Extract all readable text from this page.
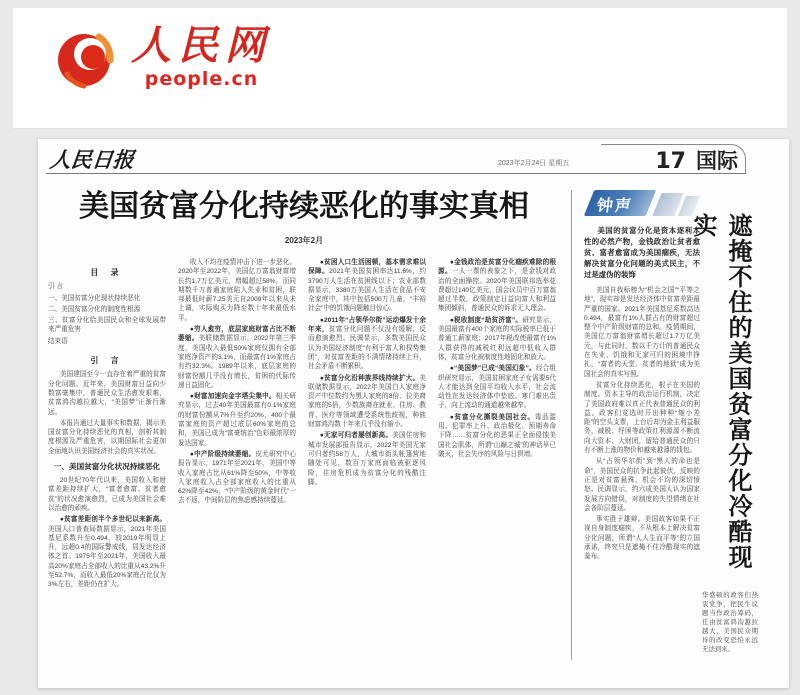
人民网
people.cn
人民日报	2023年2月24日 星期五	17 国际
美国贫富分化持续恶化的事实真相
2023年2月

目 录

引 言

一、美国贫富分化现状持续恶化

二、美国贫富分化的制度性根源

三、贫富分化给美国民众和全球发展带来严重危害

结束语

引 言

美国建国至今一直存在着严重的贫富分化问题。近年来，美国财富日益向少数富豪集中，普通民众生活愈发艰难，贫富鸿沟越拉越大，“美国梦”正渐行渐远。

本报告通过大量事实和数据，揭示美国贫富分化持续恶化的真相，剖析其制度根源及严重危害，以期国际社会更加全面地认识美国经济社会的真实状况。

一、美国贫富分化状况持续恶化

20世纪70年代以来，美国收入和财富差距持续扩大，“富者愈富、贫者愈贫”的状况愈演愈烈，已成为美国社会难以治愈的顽疾。

●贫富差距创半个多世纪以来新高。美国人口普查局数据显示，2021年美国基尼系数升至0.494，较2019年明显上升，远超0.4的国际警戒线，居发达经济体之首。1975年至2021年，美国收入最高20%家庭占全部收入的比重从43.2%升至52.7%，而收入最低20%家庭占比仅为3%左右，差距仍在扩大。

收入不均在疫情冲击下进一步恶化。2020年至2022年，美国亿万富翁财富增长约1.7万亿美元，增幅超过58%，而同期数千万普通家庭陷入失业和贫困，联邦最低时薪7.25美元自2009年以来从未上调，实际购买力降至数十年来最低水平。

●穷人愈穷，底层家庭财富占比不断萎缩。美联储数据显示，2022年第三季度，美国收入最低50%家庭仅拥有全部家庭净资产的3.1%，而最富有1%家庭占有约32.3%。1989年以来，底层家庭的财富份额几乎没有增长，贫困的代际传递日益固化。

●财富加速向金字塔尖集中。相关研究显示，过去40年美国最富有0.1%家庭的财富份额从7%升至约20%，400个最富家庭的资产超过底层60%家庭的总和，美国已成为“富豪统治”色彩最浓厚的发达国家。

●中产阶级持续萎缩。皮尤研究中心报告显示，1971年至2021年，美国中等收入家庭占比从61%降至50%，中等收入家庭收入占全部家庭收入的比重从62%降至42%，“中产阶级的黄金时代”一去不返，中间阶层的焦虑感持续蔓延。

●贫困人口生活困顿，基本需求难以保障。2021年美国贫困率达11.6%，约3790万人生活在贫困线以下；农业部数据显示，3380万美国人生活在食品不安全家庭中，其中包括500万儿童，“丰裕社会”中的饥饿问题触目惊心。

●2011年“占领华尔街”运动爆发十余年来，贫富分化问题不仅没有缓解，反而愈演愈烈。民调显示，多数美国民众认为美国经济制度“有利于富人和权势集团”，对贫富差距的不满情绪持续上升，社会矛盾不断累积。

●贫富分化沿种族界线持续扩大。美联储数据显示，2022年美国白人家庭净资产中位数约为黑人家庭的8倍、拉美裔家庭的5倍，少数族裔在就业、住房、教育、医疗等领域遭受系统性歧视，种族财富鸿沟数十年来几乎没有缩小。

●无家可归者屡创新高。美国住房和城市发展部报告显示，2022年美国无家可归者约58万人，大城市街头帐篷营地随处可见，数百万家庭面临被驱逐风险，住房危机成为贫富分化的残酷注脚。

●金钱政治是贫富分化痼疾难除的根源。一人一票的表象之下，是金钱对政治的全面操控。2020年美国联邦选举花费超过140亿美元，国会议员中百万富翁超过半数，政策制定日益向富人和利益集团倾斜，普通民众的诉求无人理会。

●税收制度“劫贫济富”。研究显示，美国最富有400个家庭的实际税率已低于普通工薪家庭；2017年税改使最富有1%人群获得的减税红利远超中低收入群体，贫富分化被制度性地固化和放大。

●“美国梦”已成“美国幻象”。经合组织研究显示，美国贫困家庭子女需要5代人才能达到全国平均收入水平，社会流动性在发达经济体中垫底。寒门难出贵子，向上流动的通道越来越窄。

●贫富分化撕裂美国社会。毒品滥用、犯罪率上升、政治极化、预期寿命下降……贫富分化的恶果正全面侵蚀美国社会肌体，所谓“山巅之城”的神话早已破灭，社会失序的风险与日俱增。

钟声

美国的贫富分化是资本逐利本性的必然产物，金钱政治让贫者愈贫、富者愈富成为美国痼疾，无法解决贫富分化问题的美式民主，不过是虚伪的装饰

美国自我标榜为“机会之国”“平等之地”，现实却是发达经济体中贫富差距最严重的国家。2021年美国基尼系数高达0.494，最富有1%人群占有的财富超过整个中产阶级财富的总和。疫情期间，美国亿万富翁财富增长超过1.7万亿美元，与此同时，数以千万计的普通民众在失业、饥饿和无家可归的困境中挣扎，“富者的天堂、贫者的地狱”成为美国社会的真实写照。

贫富分化持续恶化，根子在美国的制度。资本主导的政治运行机制，决定了美国政府难以真正代表普通民众的利益。政客们竞选时开出种种“缩小差距”的空头支票，上台后却为金主利益服务，减税、纾困等政策红利源源不断流向大资本、大财团，留给普通民众的只有不断上涨的物价和越来越薄的钱包。

从“占领华尔街”到“黑人的命也是命”，美国民众的抗争此起彼伏，反映的正是对贫富悬殊、机会不均的深切愤怒。民调显示，约六成美国人认为国家发展方向错误，对制度的失望情绪在社会各阶层蔓延。

事实胜于雄辩。美国政客如果不正视自身制度痼疾，不从根本上解决贫富分化问题，所谓“人人生而平等”的立国承诺，终究只是遮掩不住冷酷现实的遮羞布。	遮掩不住的美国贫富分化冷酷现实
华盛顿的政客们热衷党争，把民生议题当作政治筹码，任由贫富鸿沟越拉越大，美国民众期待的改变恐怕永远无法到来。
